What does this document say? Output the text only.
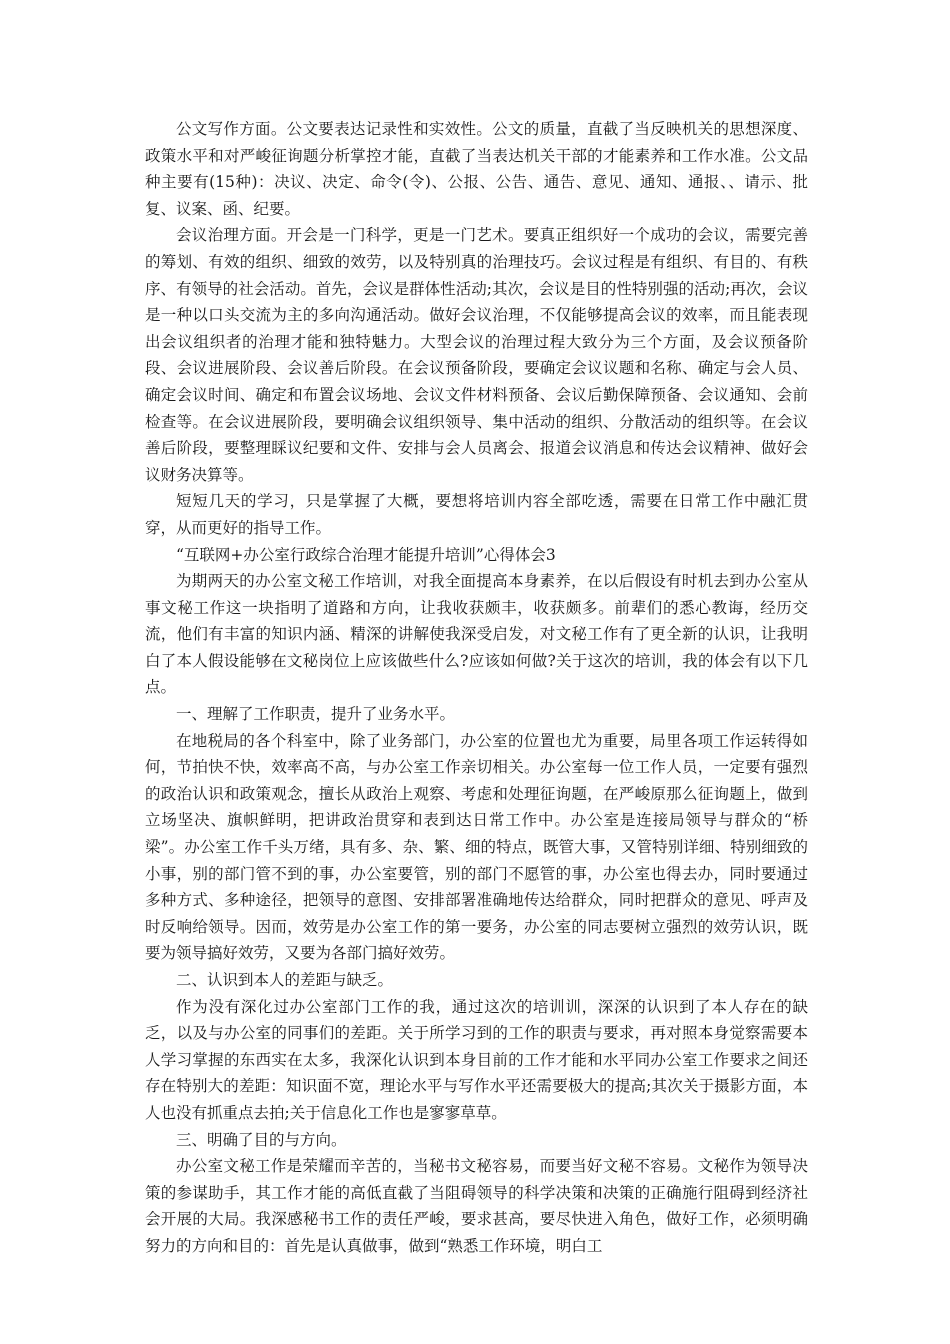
公文写作方面。公文要表达记录性和实效性。公文的质量，直截了当反映机关的思想深度、政策水平和对严峻征询题分析掌控才能，直截了当表达机关干部的才能素养和工作水准。公文品种主要有(15种)：决议、决定、命令(令)、公报、公告、通告、意见、通知、通报、、请示、批复、议案、函、纪要。

会议治理方面。开会是一门科学，更是一门艺术。要真正组织好一个成功的会议，需要完善的筹划、有效的组织、细致的效劳，以及特别真的治理技巧。会议过程是有组织、有目的、有秩序、有领导的社会活动。首先，会议是群体性活动;其次，会议是目的性特别强的活动;再次，会议是一种以口头交流为主的多向沟通活动。做好会议治理，不仅能够提高会议的效率，而且能表现出会议组织者的治理才能和独特魅力。大型会议的治理过程大致分为三个方面，及会议预备阶段、会议进展阶段、会议善后阶段。在会议预备阶段，要确定会议议题和名称、确定与会人员、确定会议时间、确定和布置会议场地、会议文件材料预备、会议后勤保障预备、会议通知、会前检查等。在会议进展阶段，要明确会议组织领导、集中活动的组织、分散活动的组织等。在会议善后阶段，要整理睬议纪要和文件、安排与会人员离会、报道会议消息和传达会议精神、做好会议财务决算等。

短短几天的学习，只是掌握了大概，要想将培训内容全部吃透，需要在日常工作中融汇贯穿，从而更好的指导工作。

“互联网+办公室行政综合治理才能提升培训”心得体会3

为期两天的办公室文秘工作培训，对我全面提高本身素养，在以后假设有时机去到办公室从事文秘工作这一块指明了道路和方向，让我收获颇丰，收获颇多。前辈们的悉心教诲，经历交流，他们有丰富的知识内涵、精深的讲解使我深受启发，对文秘工作有了更全新的认识，让我明白了本人假设能够在文秘岗位上应该做些什么?应该如何做?关于这次的培训，我的体会有以下几点。

一、理解了工作职责，提升了业务水平。

在地税局的各个科室中，除了业务部门，办公室的位置也尤为重要，局里各项工作运转得如何，节拍快不快，效率高不高，与办公室工作亲切相关。办公室每一位工作人员，一定要有强烈的政治认识和政策观念，擅长从政治上观察、考虑和处理征询题，在严峻原那么征询题上，做到立场坚决、旗帜鲜明，把讲政治贯穿和表到达日常工作中。办公室是连接局领导与群众的“桥梁”。办公室工作千头万绪，具有多、杂、繁、细的特点，既管大事，又管特别详细、特别细致的小事，别的部门管不到的事，办公室要管，别的部门不愿管的事，办公室也得去办，同时要通过多种方式、多种途径，把领导的意图、安排部署准确地传达给群众，同时把群众的意见、呼声及时反响给领导。因而，效劳是办公室工作的第一要务，办公室的同志要树立强烈的效劳认识，既要为领导搞好效劳，又要为各部门搞好效劳。

二、认识到本人的差距与缺乏。

作为没有深化过办公室部门工作的我，通过这次的培训训，深深的认识到了本人存在的缺乏，以及与办公室的同事们的差距。关于所学习到的工作的职责与要求，再对照本身觉察需要本人学习掌握的东西实在太多，我深化认识到本身目前的工作才能和水平同办公室工作要求之间还存在特别大的差距：知识面不宽，理论水平与写作水平还需要极大的提高;其次关于摄影方面，本人也没有抓重点去拍;关于信息化工作也是寥寥草草。

三、明确了目的与方向。

办公室文秘工作是荣耀而辛苦的，当秘书文秘容易，而要当好文秘不容易。文秘作为领导决策的参谋助手，其工作才能的高低直截了当阻碍领导的科学决策和决策的正确施行阻碍到经济社会开展的大局。我深感秘书工作的责任严峻，要求甚高，要尽快进入角色，做好工作，必须明确努力的方向和目的：首先是认真做事，做到“熟悉工作环境，明白工
